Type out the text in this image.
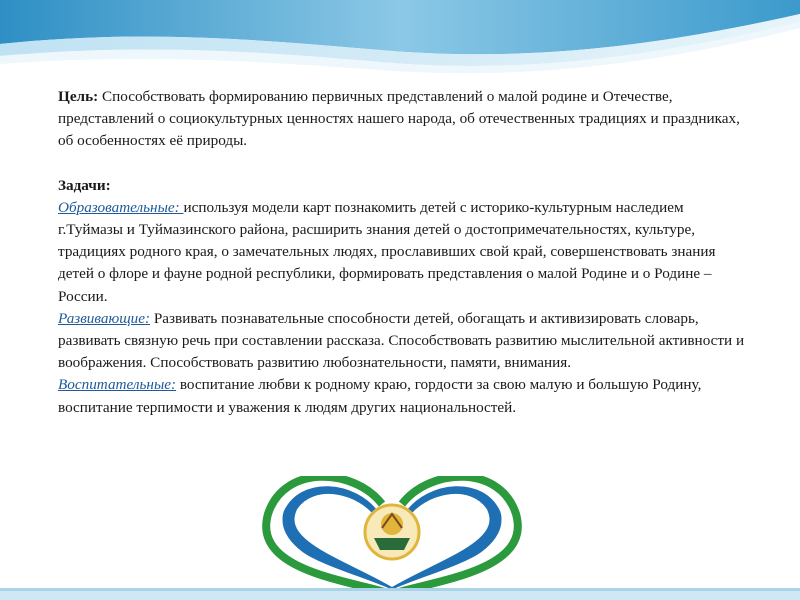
Цель: Способствовать формированию первичных представлений о малой родине и Отечестве, представлений о социокультурных ценностях нашего народа, об отечественных традициях и праздниках, об особенностях её природы.

Задачи:

Образовательные: используя модели карт познакомить детей с историко-культурным наследием г.Туймазы и Туймазинского района, расширить знания детей о достопримечательностях, культуре, традициях родного края, о замечательных людях, прославивших свой край, совершенствовать знания детей о флоре и фауне родной республики, формировать представления о малой Родине и о Родине – России.

Развивающие: Развивать познавательные способности детей, обогащать и активизировать словарь, развивать связную речь при составлении рассказа. Способствовать развитию мыслительной активности и воображения. Способствовать развитию любознательности, памяти, внимания.

Воспитательные: воспитание любви к родному краю, гордости за свою малую и большую Родину, воспитание терпимости и уважения к людям других национальностей.
